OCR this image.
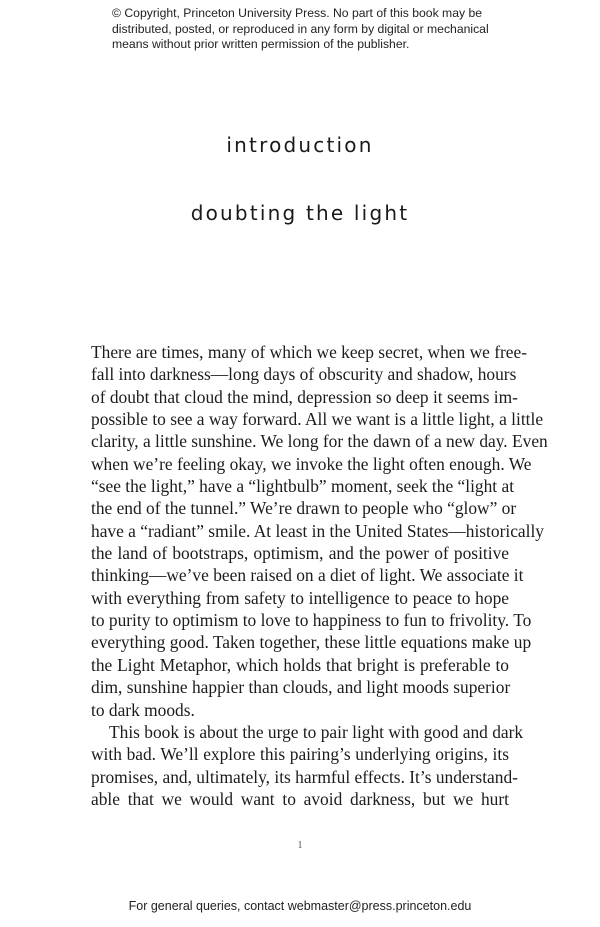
© Copyright, Princeton University Press. No part of this book may be
distributed, posted, or reproduced in any form by digital or mechanical
means without prior written permission of the publisher.
introduction
doubting the light
There are times, many of which we keep secret, when we free-
fall into darkness—long days of obscurity and shadow, hours
of doubt that cloud the mind, depression so deep it seems im-
possible to see a way forward. All we want is a little light, a little
clarity, a little sunshine. We long for the dawn of a new day. Even
when we’re feeling okay, we invoke the light often enough. We
“see the light,” have a “lightbulb” moment, seek the “light at
the end of the tunnel.” We’re drawn to people who “glow” or
have a “radiant” smile. At least in the United States—historically
the land of bootstraps, optimism, and the power of positive
thinking—we’ve been raised on a diet of light. We associate it
with everything from safety to intelligence to peace to hope
to purity to optimism to love to happiness to fun to frivolity. To
everything good. Taken together, these little equations make up
the Light Metaphor, which holds that bright is preferable to
dim, sunshine happier than clouds, and light moods superior
to dark moods.
This book is about the urge to pair light with good and dark
with bad. We’ll explore this pairing’s underlying origins, its
promises, and, ultimately, its harmful effects. It’s understand-
able that we would want to avoid darkness, but we hurt
1
For general queries, contact webmaster@press.princeton.edu
